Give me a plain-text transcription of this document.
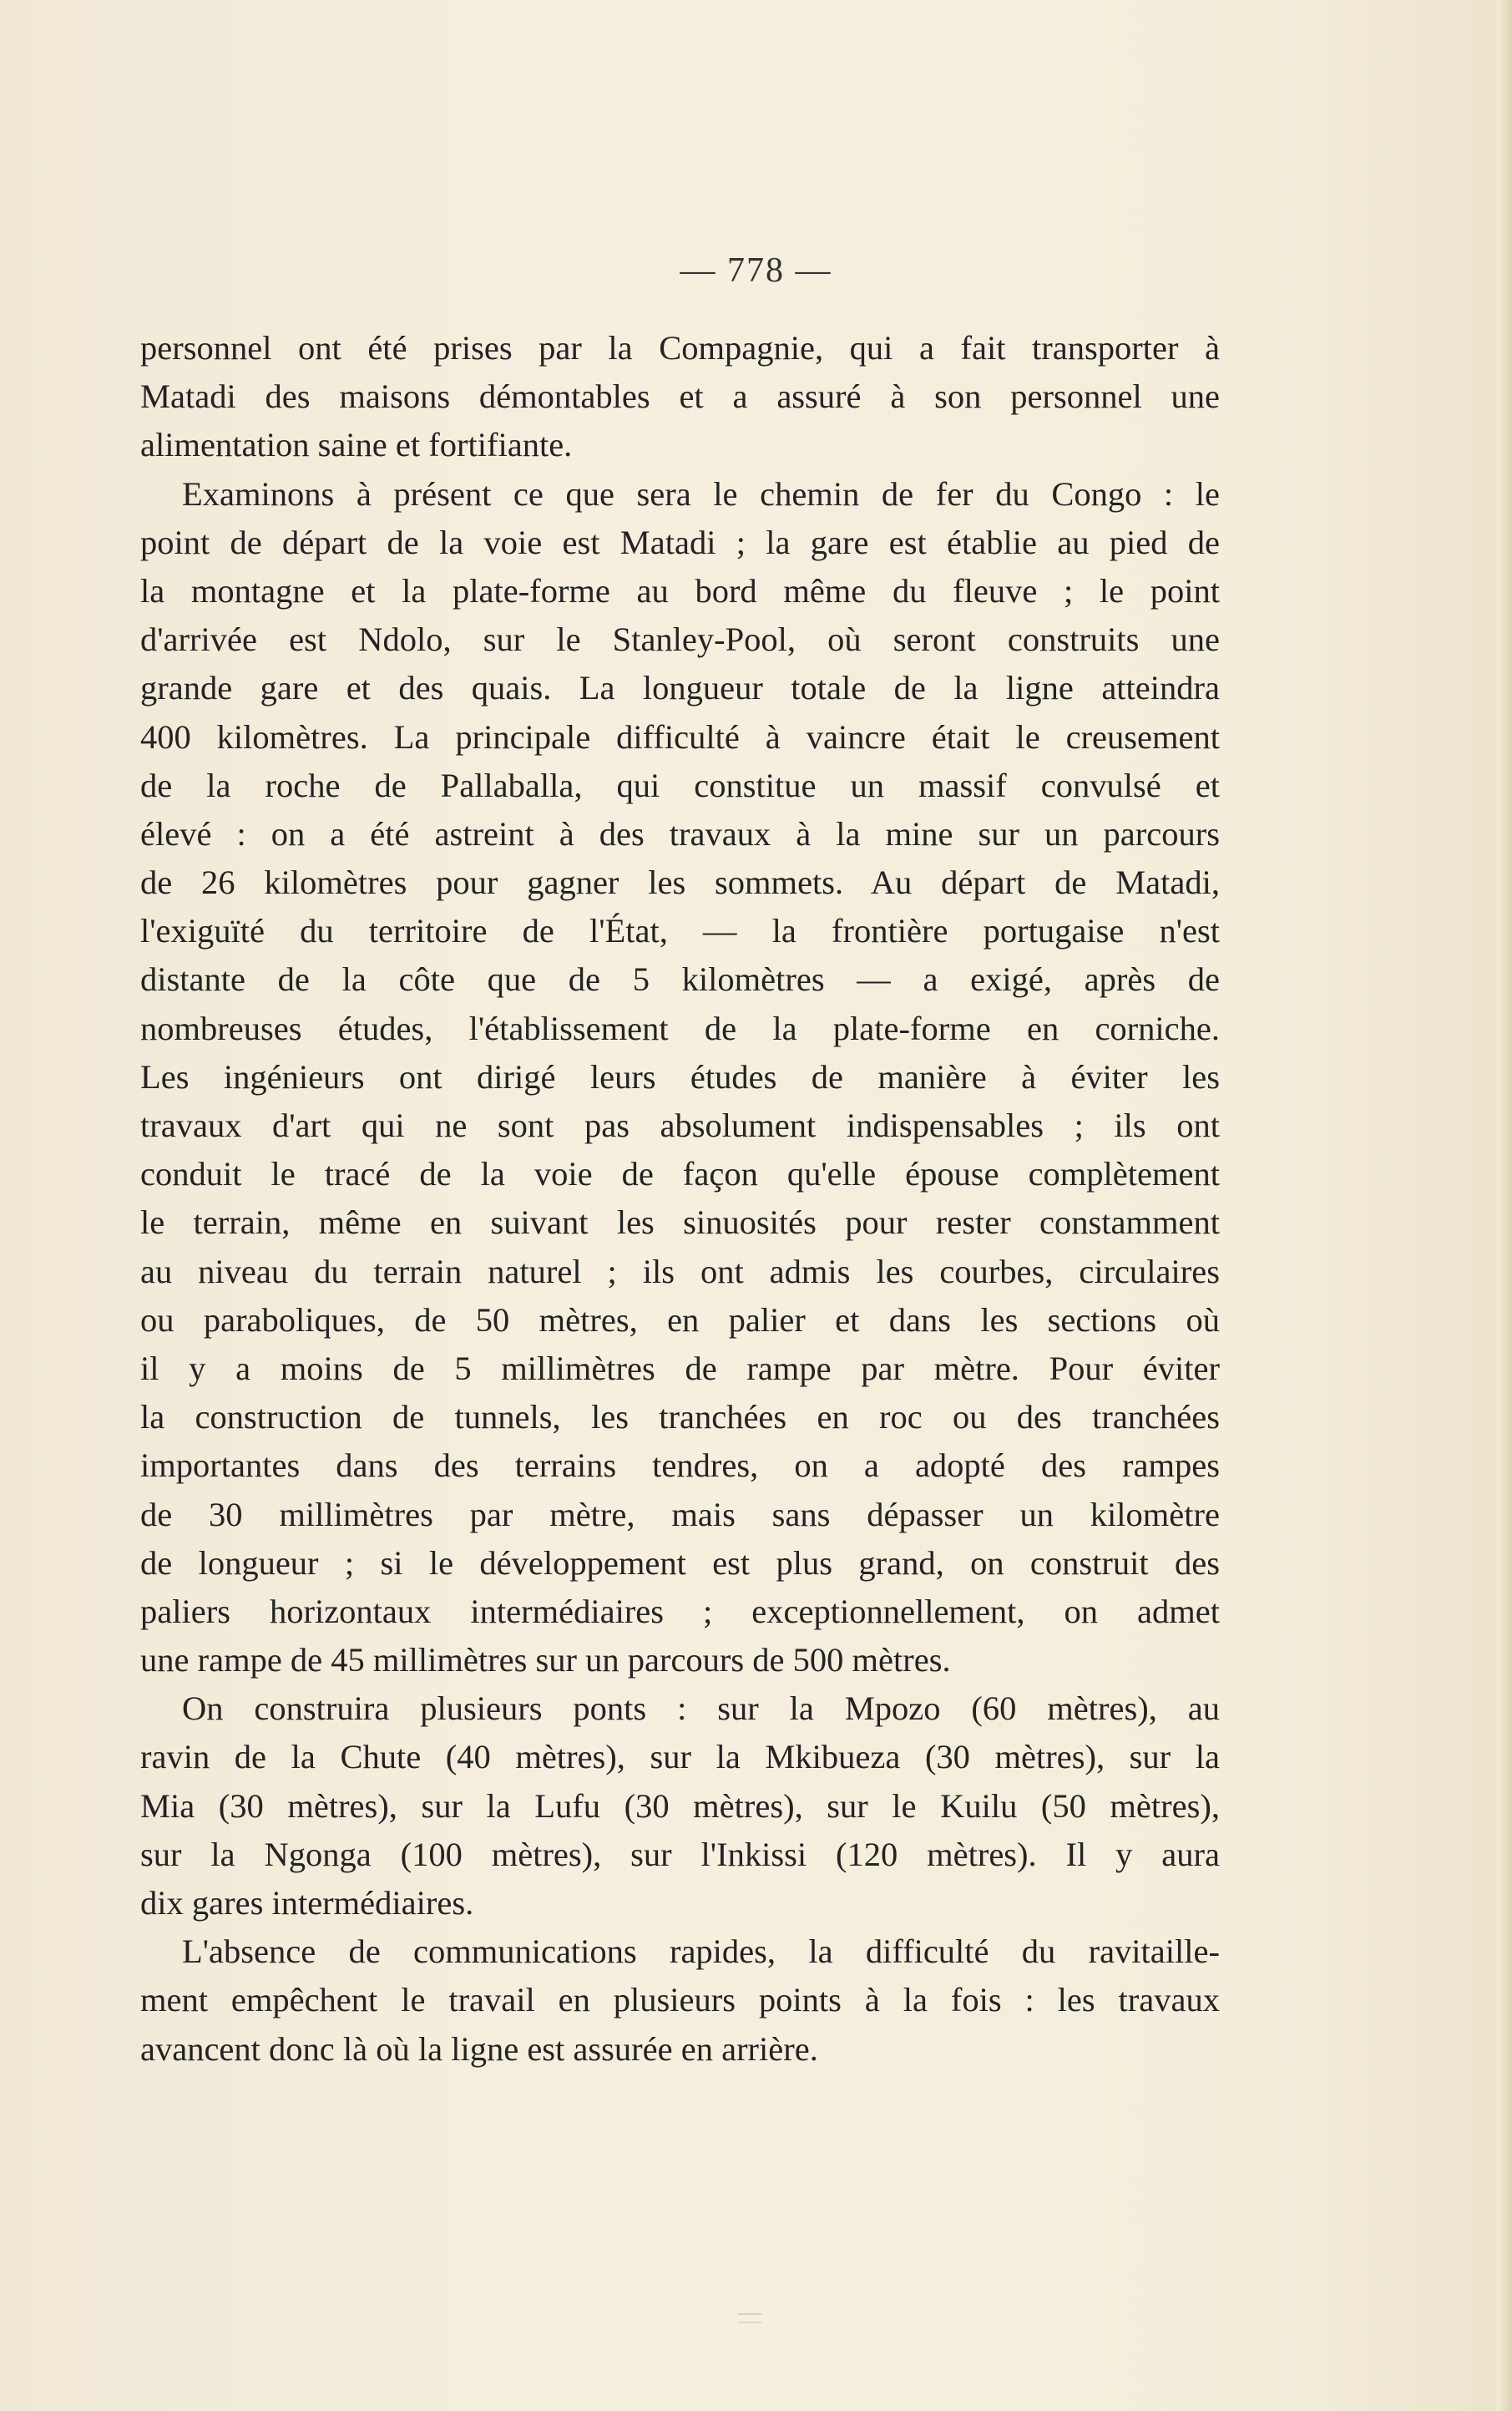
— 778 —
personnel ont été prises par la Compagnie, qui a fait transporter à
Matadi des maisons démontables et a assuré à son personnel une
alimentation saine et fortifiante.
Examinons à présent ce que sera le chemin de fer du Congo : le
point de départ de la voie est Matadi ; la gare est établie au pied de
la montagne et la plate-forme au bord même du fleuve ; le point
d'arrivée est Ndolo, sur le Stanley-Pool, où seront construits une
grande gare et des quais. La longueur totale de la ligne atteindra
400 kilomètres. La principale difficulté à vaincre était le creusement
de la roche de Pallaballa, qui constitue un massif convulsé et
élevé : on a été astreint à des travaux à la mine sur un parcours
de 26 kilomètres pour gagner les sommets. Au départ de Matadi,
l'exiguïté du territoire de l'État, — la frontière portugaise n'est
distante de la côte que de 5 kilomètres — a exigé, après de
nombreuses études, l'établissement de la plate-forme en corniche.
Les ingénieurs ont dirigé leurs études de manière à éviter les
travaux d'art qui ne sont pas absolument indispensables ; ils ont
conduit le tracé de la voie de façon qu'elle épouse complètement
le terrain, même en suivant les sinuosités pour rester constamment
au niveau du terrain naturel ; ils ont admis les courbes, circulaires
ou paraboliques, de 50 mètres, en palier et dans les sections où
il y a moins de 5 millimètres de rampe par mètre. Pour éviter
la construction de tunnels, les tranchées en roc ou des tranchées
importantes dans des terrains tendres, on a adopté des rampes
de 30 millimètres par mètre, mais sans dépasser un kilomètre
de longueur ; si le développement est plus grand, on construit des
paliers horizontaux intermédiaires ; exceptionnellement, on admet
une rampe de 45 millimètres sur un parcours de 500 mètres.
On construira plusieurs ponts : sur la Mpozo (60 mètres), au
ravin de la Chute (40 mètres), sur la Mkibueza (30 mètres), sur la
Mia (30 mètres), sur la Lufu (30 mètres), sur le Kuilu (50 mètres),
sur la Ngonga (100 mètres), sur l'Inkissi (120 mètres). Il y aura
dix gares intermédiaires.
L'absence de communications rapides, la difficulté du ravitaille-
ment empêchent le travail en plusieurs points à la fois : les travaux
avancent donc là où la ligne est assurée en arrière.
